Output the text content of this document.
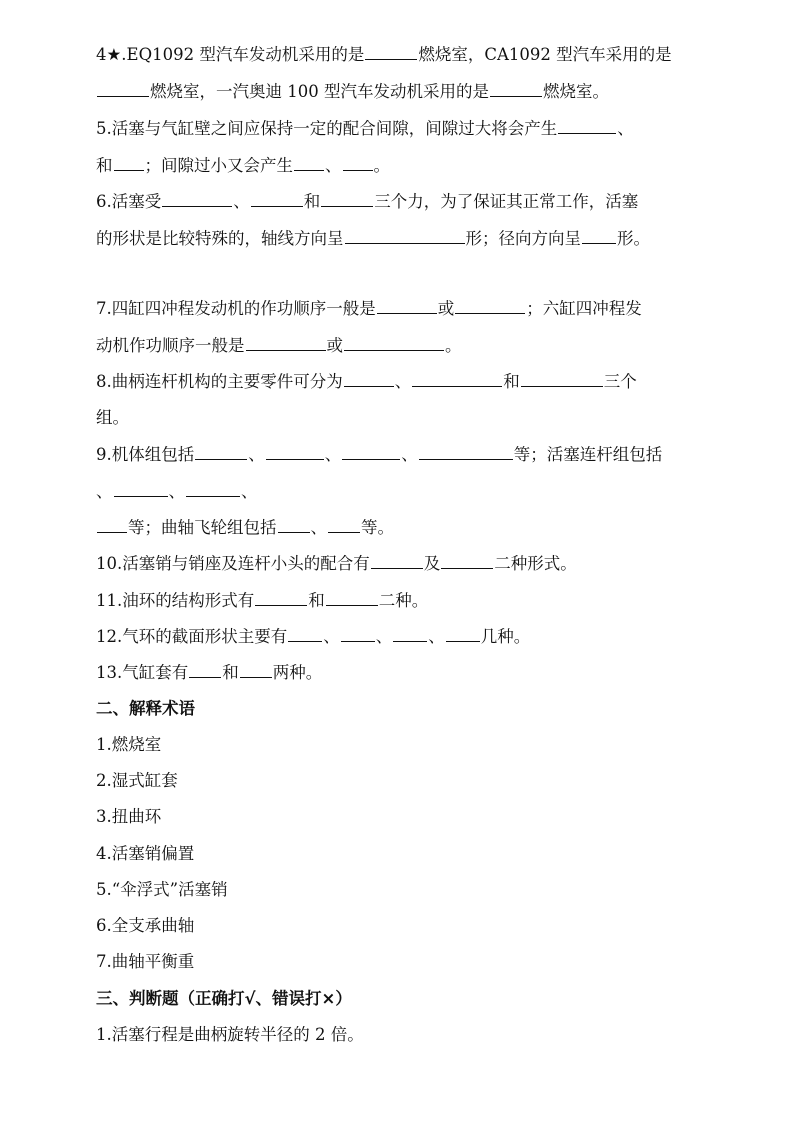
4★.EQ1092 型汽车发动机采用的是	燃烧室，CA1092 型汽车采用的是
燃烧室，一汽奥迪 100 型汽车发动机采用的是	燃烧室。
5.活塞与气缸壁之间应保持一定的配合间隙，间隙过大将会产生	、
和 ；间隙过小又会产生 、 。
6.活塞受	、	和	三个力，为了保证其正常工作，活塞
的形状是比较特殊的，轴线方向呈	形；径向方向呈 形。
7.四缸四冲程发动机的作功顺序一般是	或	；六缸四冲程发
动机作功顺序一般是	或	。
8.曲柄连杆机构的主要零件可分为	、	和	三个
组。
9.机体组包括	、	、	、	等；活塞连杆组包括
、	、	、
等；曲轴飞轮组包括 、 等。
10.活塞销与销座及连杆小头的配合有	及	二种形式。
11.油环的结构形式有	和	二种。
12.气环的截面形状主要有 、 、 、 几种。
13.气缸套有 和 两种。
二、解释术语
1.燃烧室
2.湿式缸套
3.扭曲环
4.活塞销偏置
5.“伞浮式”活塞销
6.全支承曲轴
7.曲轴平衡重
三、判断题（正确打√、错误打×）
1.活塞行程是曲柄旋转半径的 2 倍。
